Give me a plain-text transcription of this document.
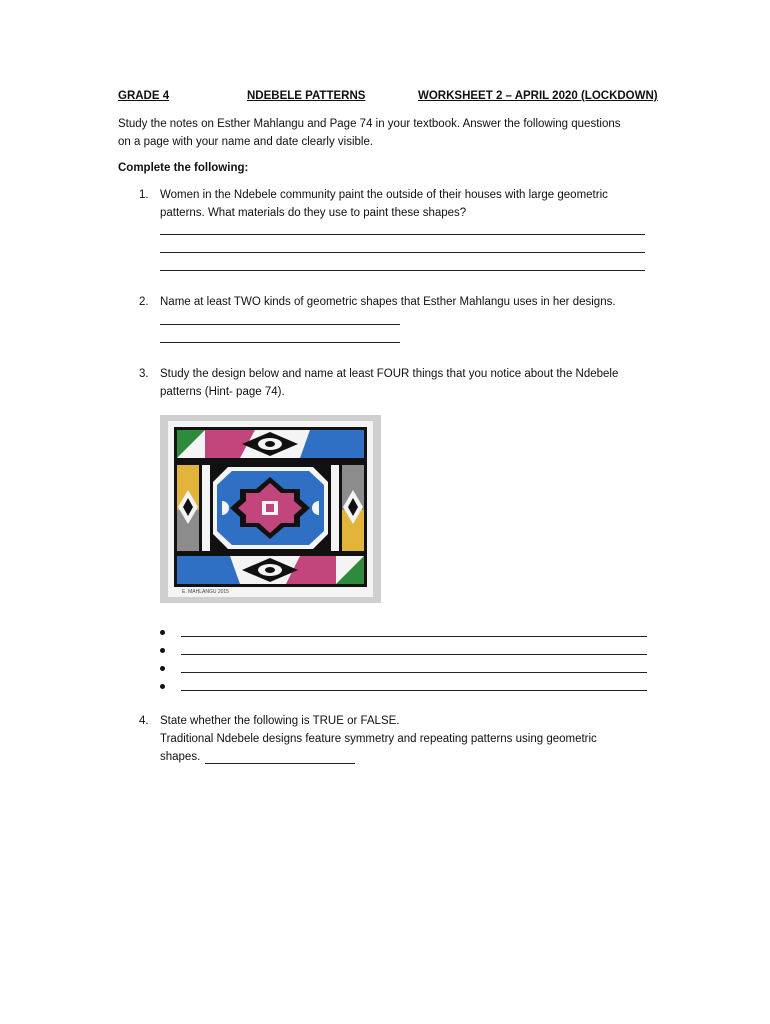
GRADE 4	NDEBELE PATTERNS	WORKSHEET 2 – APRIL 2020 (LOCKDOWN)
Study the notes on Esther Mahlangu and Page 74 in your textbook. Answer the following questions
on a page with your name and date clearly visible.
Complete the following:
1. Women in the Ndebele community paint the outside of their houses with large geometric
patterns. What materials do they use to paint these shapes?
2. Name at least TWO kinds of geometric shapes that Esther Mahlangu uses in her designs.
3. Study the design below and name at least FOUR things that you notice about the Ndebele
patterns (Hint- page 74).
E. MAHLANGU 2015
4. State whether the following is TRUE or FALSE.
Traditional Ndebele designs feature symmetry and repeating patterns using geometric
shapes.
